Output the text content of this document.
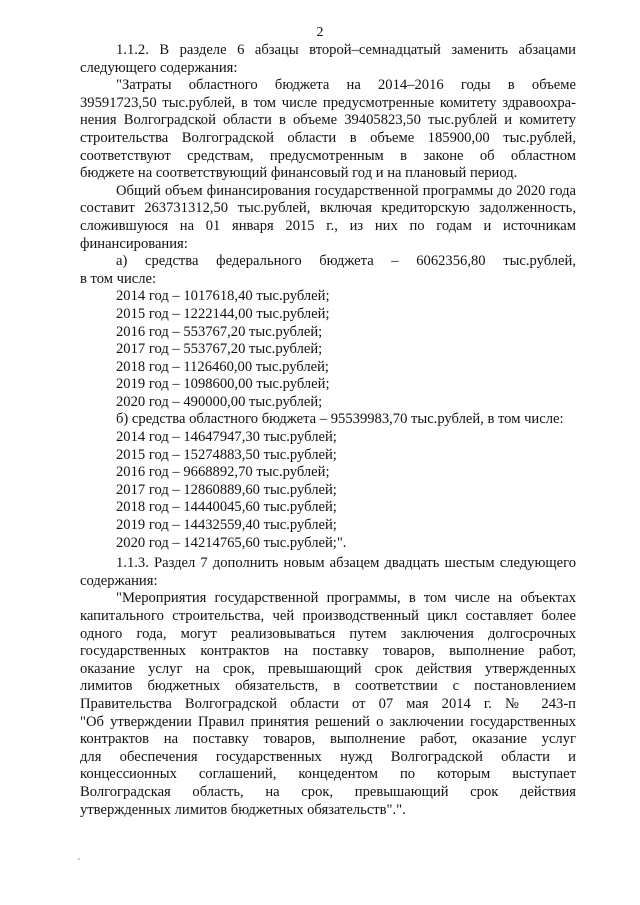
2

1.1.2. В разделе 6 абзацы второй–семнадцатый заменить абзацами

следующего содержания:

"Затраты областного бюджета на 2014–2016 годы в объеме

39591723,50 тыс.рублей, в том числе предусмотренные комитету здравоохра-

нения Волгоградской области в объеме 39405823,50 тыс.рублей и комитету

строительства Волгоградской области в объеме 185900,00 тыс.рублей,

соответствуют средствам, предусмотренным в законе об областном

бюджете на соответствующий финансовый год и на плановый период.

Общий объем финансирования государственной программы до 2020 года

составит 263731312,50 тыс.рублей, включая кредиторскую задолженность,

сложившуюся на 01 января 2015 г., из них по годам и источникам

финансирования:

а) средства федерального бюджета – 6062356,80 тыс.рублей,

в том числе:

2014 год – 1017618,40 тыс.рублей;

2015 год – 1222144,00 тыс.рублей;

2016 год – 553767,20 тыс.рублей;

2017 год – 553767,20 тыс.рублей;

2018 год – 1126460,00 тыс.рублей;

2019 год – 1098600,00 тыс.рублей;

2020 год – 490000,00 тыс.рублей;

б) средства областного бюджета – 95539983,70 тыс.рублей, в том числе:

2014 год – 14647947,30 тыс.рублей;

2015 год – 15274883,50 тыс.рублей;

2016 год – 9668892,70 тыс.рублей;

2017 год – 12860889,60 тыс.рублей;

2018 год – 14440045,60 тыс.рублей;

2019 год – 14432559,40 тыс.рублей;

2020 год – 14214765,60 тыс.рублей;".

1.1.3. Раздел 7 дополнить новым абзацем двадцать шестым следующего

содержания:

"Мероприятия государственной программы, в том числе на объектах

капитального строительства, чей производственный цикл составляет более

одного года, могут реализовываться путем заключения долгосрочных

государственных контрактов на поставку товаров, выполнение работ,

оказание услуг на срок, превышающий срок действия утвержденных

лимитов бюджетных обязательств, в соответствии с постановлением

Правительства Волгоградской области от 07 мая 2014 г. № 243-п

"Об утверждении Правил принятия решений о заключении государственных

контрактов на поставку товаров, выполнение работ, оказание услуг

для обеспечения государственных нужд Волгоградской области и

концессионных соглашений, концедентом по которым выступает

Волгоградская область, на срок, превышающий срок действия

утвержденных лимитов бюджетных обязательств".".
